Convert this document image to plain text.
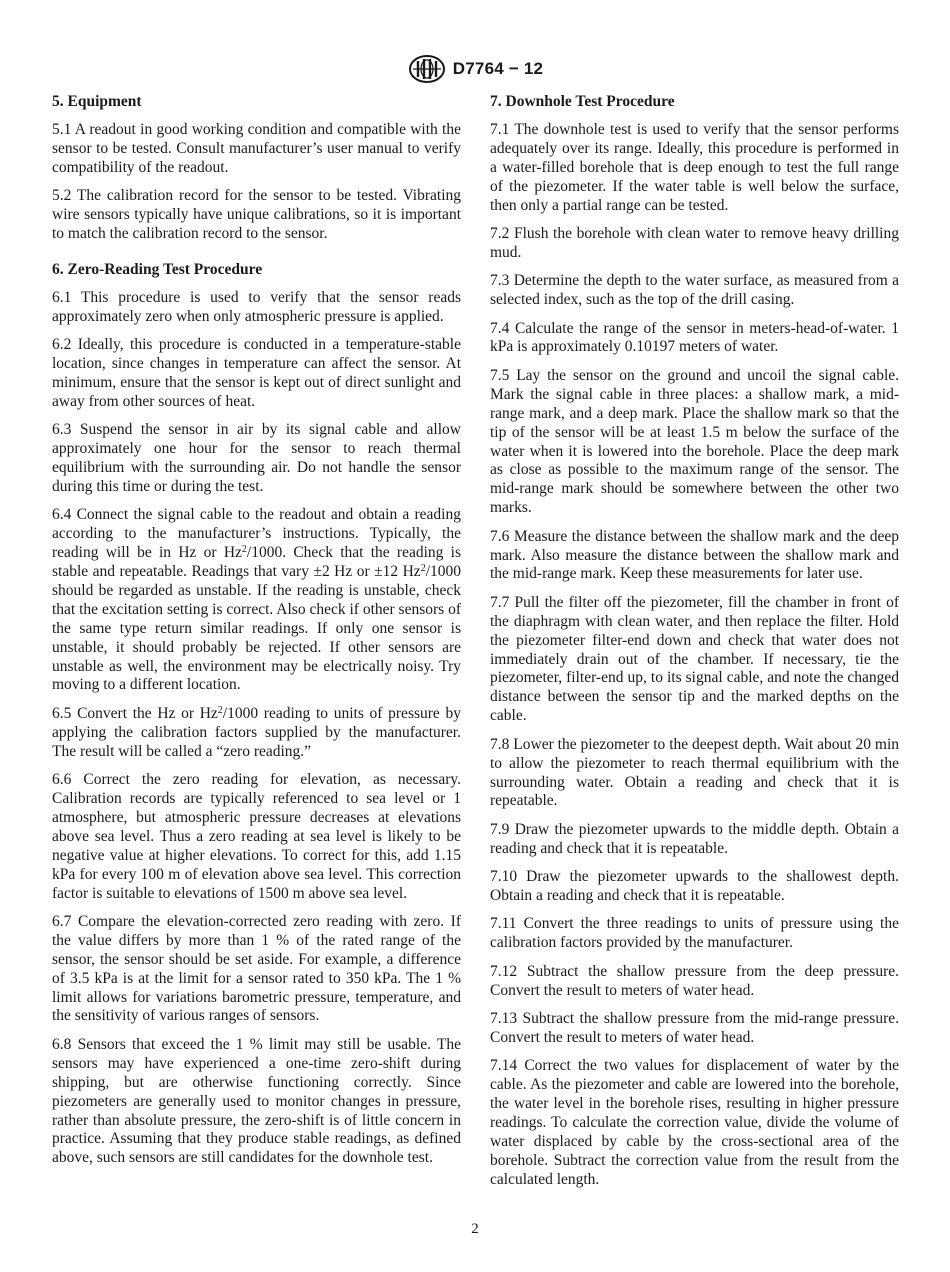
D7764 − 12
5. Equipment

5.1 A readout in good working condition and compatible with the sensor to be tested. Consult manufacturer’s user manual to verify compatibility of the readout.

5.2 The calibration record for the sensor to be tested. Vibrating wire sensors typically have unique calibrations, so it is important to match the calibration record to the sensor.

6. Zero-Reading Test Procedure

6.1 This procedure is used to verify that the sensor reads approximately zero when only atmospheric pressure is applied.

6.2 Ideally, this procedure is conducted in a temperature-stable location, since changes in temperature can affect the sensor. At minimum, ensure that the sensor is kept out of direct sunlight and away from other sources of heat.

6.3 Suspend the sensor in air by its signal cable and allow approximately one hour for the sensor to reach thermal equilibrium with the surrounding air. Do not handle the sensor during this time or during the test.

6.4 Connect the signal cable to the readout and obtain a reading according to the manufacturer’s instructions. Typically, the reading will be in Hz or Hz$^2$/1000. Check that the reading is stable and repeatable. Readings that vary ±2 Hz or ±12 Hz$^2$/1000 should be regarded as unstable. If the reading is unstable, check that the excitation setting is correct. Also check if other sensors of the same type return similar readings. If only one sensor is unstable, it should probably be rejected. If other sensors are unstable as well, the environment may be electrically noisy. Try moving to a different location.

6.5 Convert the Hz or Hz$^2$/1000 reading to units of pressure by applying the calibration factors supplied by the manufacturer. The result will be called a “zero reading.”

6.6 Correct the zero reading for elevation, as necessary. Calibration records are typically referenced to sea level or 1 atmosphere, but atmospheric pressure decreases at elevations above sea level. Thus a zero reading at sea level is likely to be negative value at higher elevations. To correct for this, add 1.15 kPa for every 100 m of elevation above sea level. This correction factor is suitable to elevations of 1500 m above sea level.

6.7 Compare the elevation-corrected zero reading with zero. If the value differs by more than 1 % of the rated range of the sensor, the sensor should be set aside. For example, a difference of 3.5 kPa is at the limit for a sensor rated to 350 kPa. The 1 % limit allows for variations barometric pressure, temperature, and the sensitivity of various ranges of sensors.

6.8 Sensors that exceed the 1 % limit may still be usable. The sensors may have experienced a one-time zero-shift during shipping, but are otherwise functioning correctly. Since piezometers are generally used to monitor changes in pressure, rather than absolute pressure, the zero-shift is of little concern in practice. Assuming that they produce stable readings, as defined above, such sensors are still candidates for the downhole test.

7. Downhole Test Procedure

7.1 The downhole test is used to verify that the sensor performs adequately over its range. Ideally, this procedure is performed in a water-filled borehole that is deep enough to test the full range of the piezometer. If the water table is well below the surface, then only a partial range can be tested.

7.2 Flush the borehole with clean water to remove heavy drilling mud.

7.3 Determine the depth to the water surface, as measured from a selected index, such as the top of the drill casing.

7.4 Calculate the range of the sensor in meters-head-of-water. 1 kPa is approximately 0.10197 meters of water.

7.5 Lay the sensor on the ground and uncoil the signal cable. Mark the signal cable in three places: a shallow mark, a mid-range mark, and a deep mark. Place the shallow mark so that the tip of the sensor will be at least 1.5 m below the surface of the water when it is lowered into the borehole. Place the deep mark as close as possible to the maximum range of the sensor. The mid-range mark should be somewhere between the other two marks.

7.6 Measure the distance between the shallow mark and the deep mark. Also measure the distance between the shallow mark and the mid-range mark. Keep these measurements for later use.

7.7 Pull the filter off the piezometer, fill the chamber in front of the diaphragm with clean water, and then replace the filter. Hold the piezometer filter-end down and check that water does not immediately drain out of the chamber. If necessary, tie the piezometer, filter-end up, to its signal cable, and note the changed distance between the sensor tip and the marked depths on the cable.

7.8 Lower the piezometer to the deepest depth. Wait about 20 min to allow the piezometer to reach thermal equilibrium with the surrounding water. Obtain a reading and check that it is repeatable.

7.9 Draw the piezometer upwards to the middle depth. Obtain a reading and check that it is repeatable.

7.10 Draw the piezometer upwards to the shallowest depth. Obtain a reading and check that it is repeatable.

7.11 Convert the three readings to units of pressure using the calibration factors provided by the manufacturer.

7.12 Subtract the shallow pressure from the deep pressure. Convert the result to meters of water head.

7.13 Subtract the shallow pressure from the mid-range pressure. Convert the result to meters of water head.

7.14 Correct the two values for displacement of water by the cable. As the piezometer and cable are lowered into the borehole, the water level in the borehole rises, resulting in higher pressure readings. To calculate the correction value, divide the volume of water displaced by cable by the cross-sectional area of the borehole. Subtract the correction value from the result from the calculated length.

2
